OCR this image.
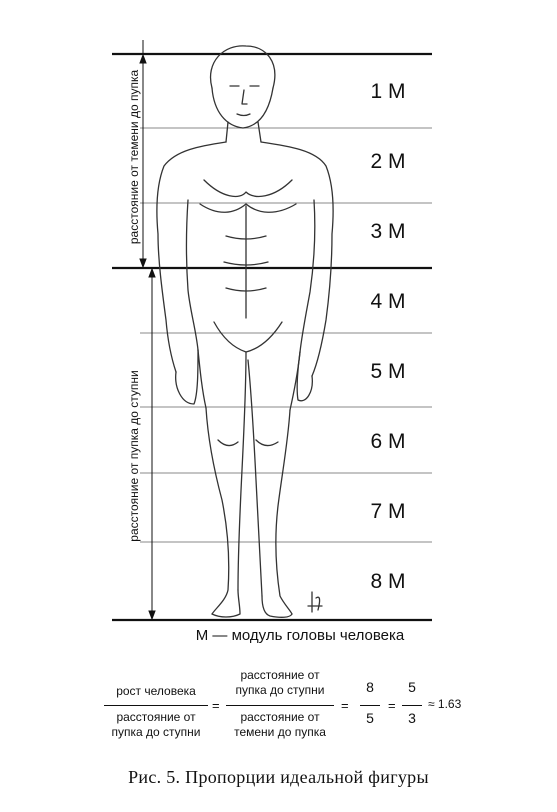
1 M
2 M
3 M
4 M
5 M
6 M
7 M
8 M
расстояние от темени до пупка
расстояние от пупка до ступни
М — модуль головы человека
рост человека
расстояние от
пупка до ступни
=
расстояние от
пупка до ступни
расстояние от
темени до пупка
=
8
5
=
5
3
≈ 1.63
Рис. 5. Пропорции идеальной фигуры
